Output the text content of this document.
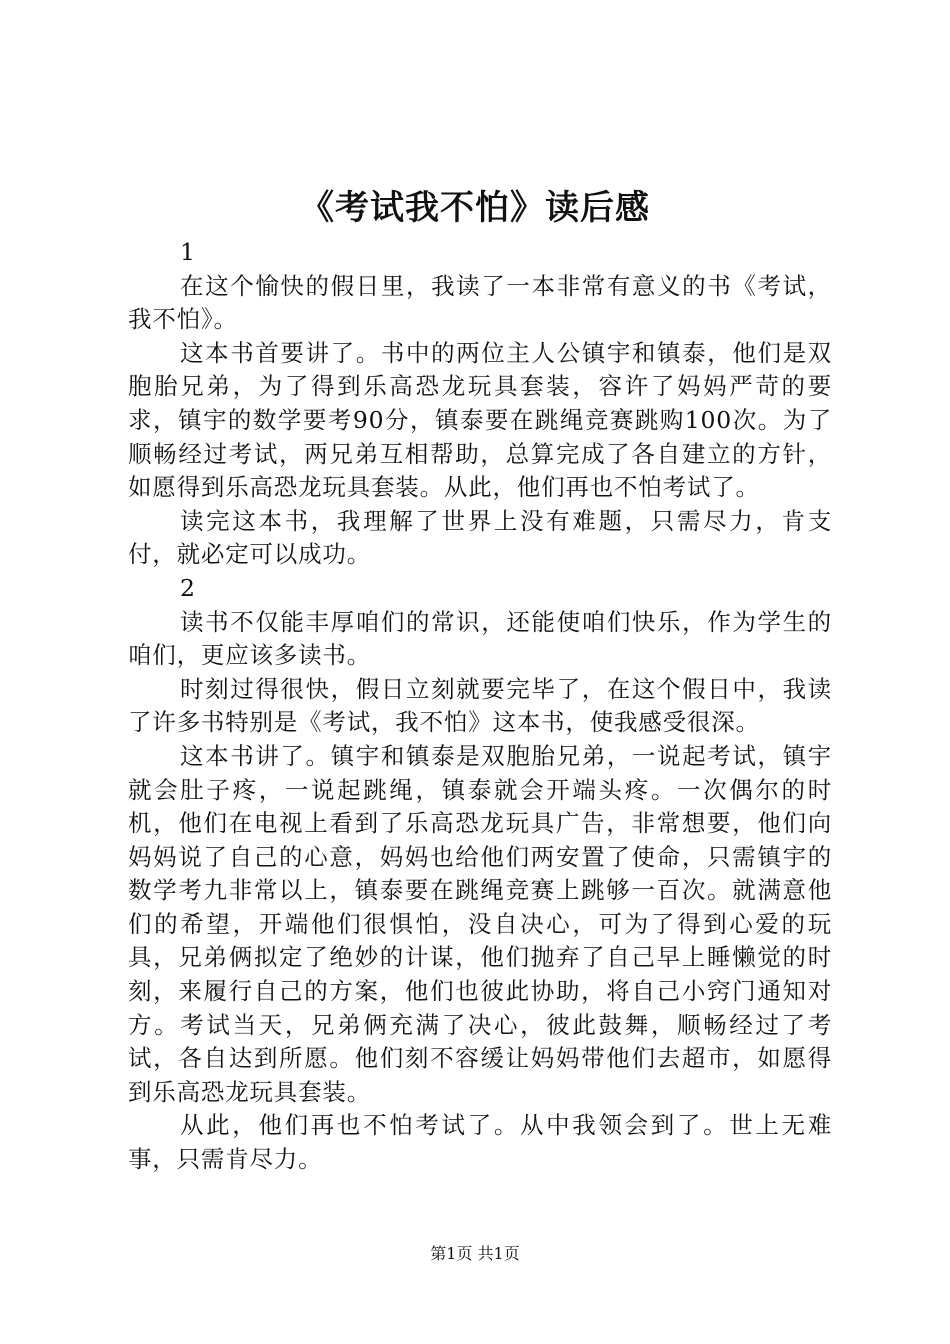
《考试我不怕》读后感

1

在这个愉快的假日里，我读了一本非常有意义的书《考试，我不怕》。

这本书首要讲了。书中的两位主人公镇宇和镇泰，他们是双胞胎兄弟，为了得到乐高恐龙玩具套装，容许了妈妈严苛的要求，镇宇的数学要考90分，镇泰要在跳绳竞赛跳购100次。为了顺畅经过考试，两兄弟互相帮助，总算完成了各自建立的方针，如愿得到乐高恐龙玩具套装。从此，他们再也不怕考试了。

读完这本书，我理解了世界上没有难题，只需尽力，肯支付，就必定可以成功。

2

读书不仅能丰厚咱们的常识，还能使咱们快乐，作为学生的咱们，更应该多读书。

时刻过得很快，假日立刻就要完毕了，在这个假日中，我读了许多书特别是《考试，我不怕》这本书，使我感受很深。

这本书讲了。镇宇和镇泰是双胞胎兄弟，一说起考试，镇宇就会肚子疼，一说起跳绳，镇泰就会开端头疼。一次偶尔的时机，他们在电视上看到了乐高恐龙玩具广告，非常想要，他们向妈妈说了自己的心意，妈妈也给他们两安置了使命，只需镇宇的数学考九非常以上，镇泰要在跳绳竞赛上跳够一百次。就满意他们的希望，开端他们很惧怕，没自决心，可为了得到心爱的玩具，兄弟俩拟定了绝妙的计谋，他们抛弃了自己早上睡懒觉的时刻，来履行自己的方案，他们也彼此协助，将自己小窍门通知对方。考试当天，兄弟俩充满了决心，彼此鼓舞，顺畅经过了考试，各自达到所愿。他们刻不容缓让妈妈带他们去超市，如愿得到乐高恐龙玩具套装。

从此，他们再也不怕考试了。从中我领会到了。世上无难事，只需肯尽力。

第1页 共1页
